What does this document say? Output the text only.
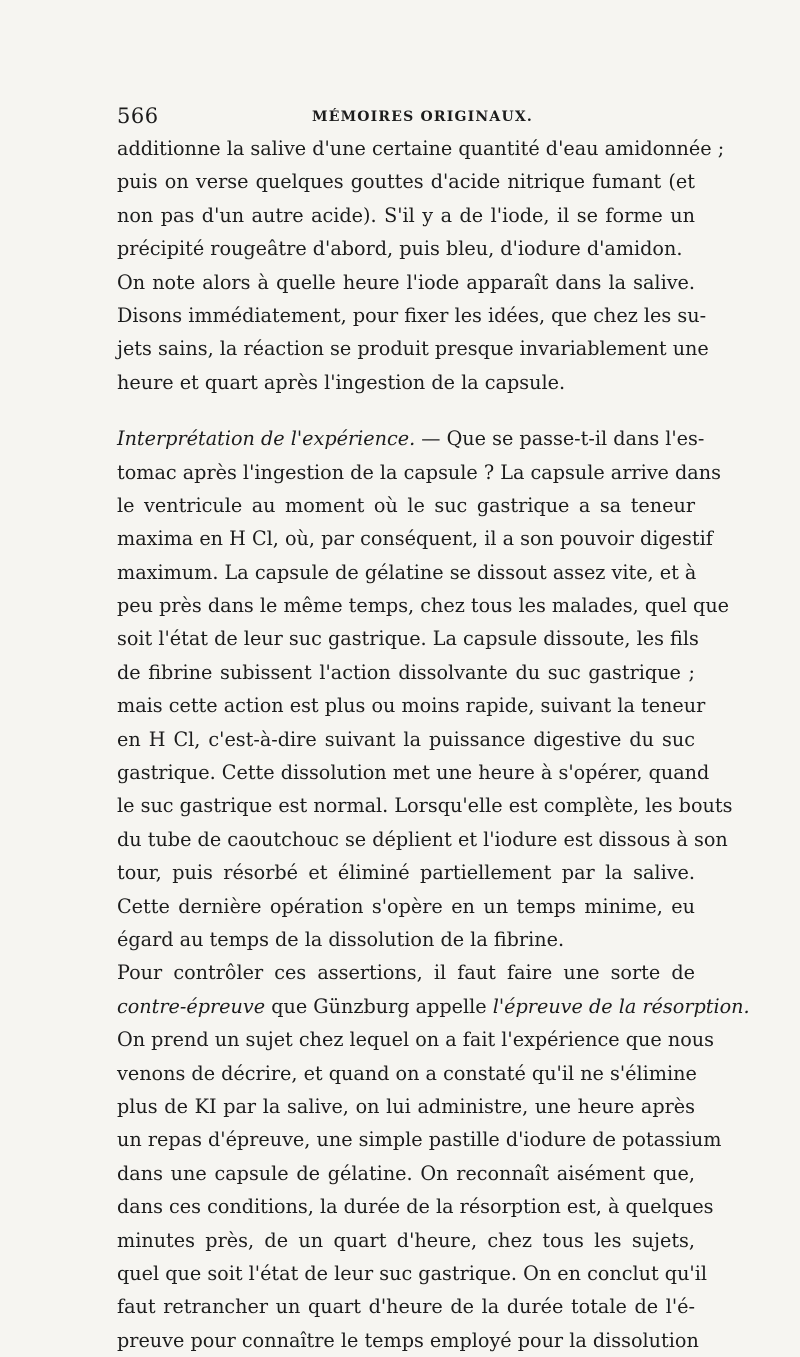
566	MÉMOIRES ORIGINAUX.
additionne la salive d'une certaine quantité d'eau amidonnée ;
puis on verse quelques gouttes d'acide nitrique fumant (et
non pas d'un autre acide). S'il y a de l'iode, il se forme un
précipité rougeâtre d'abord, puis bleu, d'iodure d'amidon.
On note alors à quelle heure l'iode apparaît dans la salive.
Disons immédiatement, pour fixer les idées, que chez les su-
jets sains, la réaction se produit presque invariablement une
heure et quart après l'ingestion de la capsule.
Interprétation de l'expérience. — Que se passe-t-il dans l'es-
tomac après l'ingestion de la capsule ? La capsule arrive dans
le ventricule au moment où le suc gastrique a sa teneur
maxima en H Cl, où, par conséquent, il a son pouvoir digestif
maximum. La capsule de gélatine se dissout assez vite, et à
peu près dans le même temps, chez tous les malades, quel que
soit l'état de leur suc gastrique. La capsule dissoute, les fils
de fibrine subissent l'action dissolvante du suc gastrique ;
mais cette action est plus ou moins rapide, suivant la teneur
en H Cl, c'est-à-dire suivant la puissance digestive du suc
gastrique. Cette dissolution met une heure à s'opérer, quand
le suc gastrique est normal. Lorsqu'elle est complète, les bouts
du tube de caoutchouc se déplient et l'iodure est dissous à son
tour, puis résorbé et éliminé partiellement par la salive.
Cette dernière opération s'opère en un temps minime, eu
égard au temps de la dissolution de la fibrine.
Pour contrôler ces assertions, il faut faire une sorte de
contre-épreuve que Günzburg appelle l'épreuve de la résorption.
On prend un sujet chez lequel on a fait l'expérience que nous
venons de décrire, et quand on a constaté qu'il ne s'élimine
plus de KI par la salive, on lui administre, une heure après
un repas d'épreuve, une simple pastille d'iodure de potassium
dans une capsule de gélatine. On reconnaît aisément que,
dans ces conditions, la durée de la résorption est, à quelques
minutes près, de un quart d'heure, chez tous les sujets,
quel que soit l'état de leur suc gastrique. On en conclut qu'il
faut retrancher un quart d'heure de la durée totale de l'é-
preuve pour connaître le temps employé pour la dissolution
